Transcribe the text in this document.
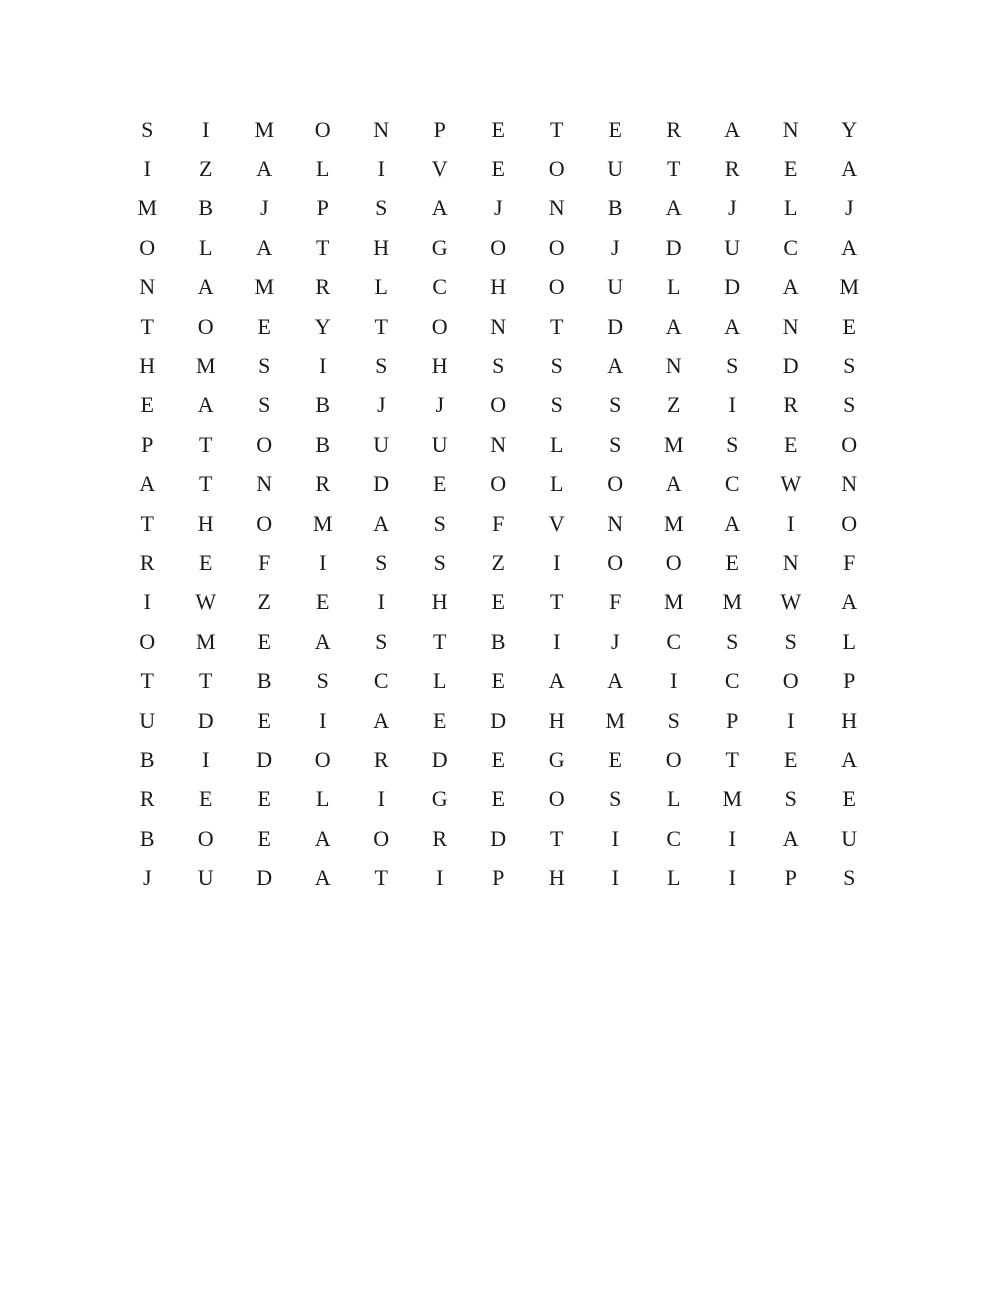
S	I	M	O	N	P	E	T	E	R	A	N	Y
I	Z	A	L	I	V	E	O	U	T	R	E	A
M	B	J	P	S	A	J	N	B	A	J	L	J
O	L	A	T	H	G	O	O	J	D	U	C	A
N	A	M	R	L	C	H	O	U	L	D	A	M
T	O	E	Y	T	O	N	T	D	A	A	N	E
H	M	S	I	S	H	S	S	A	N	S	D	S
E	A	S	B	J	J	O	S	S	Z	I	R	S
P	T	O	B	U	U	N	L	S	M	S	E	O
A	T	N	R	D	E	O	L	O	A	C	W	N
T	H	O	M	A	S	F	V	N	M	A	I	O
R	E	F	I	S	S	Z	I	O	O	E	N	F
I	W	Z	E	I	H	E	T	F	M	M	W	A
O	M	E	A	S	T	B	I	J	C	S	S	L
T	T	B	S	C	L	E	A	A	I	C	O	P
U	D	E	I	A	E	D	H	M	S	P	I	H
B	I	D	O	R	D	E	G	E	O	T	E	A
R	E	E	L	I	G	E	O	S	L	M	S	E
B	O	E	A	O	R	D	T	I	C	I	A	U
J	U	D	A	T	I	P	H	I	L	I	P	S
